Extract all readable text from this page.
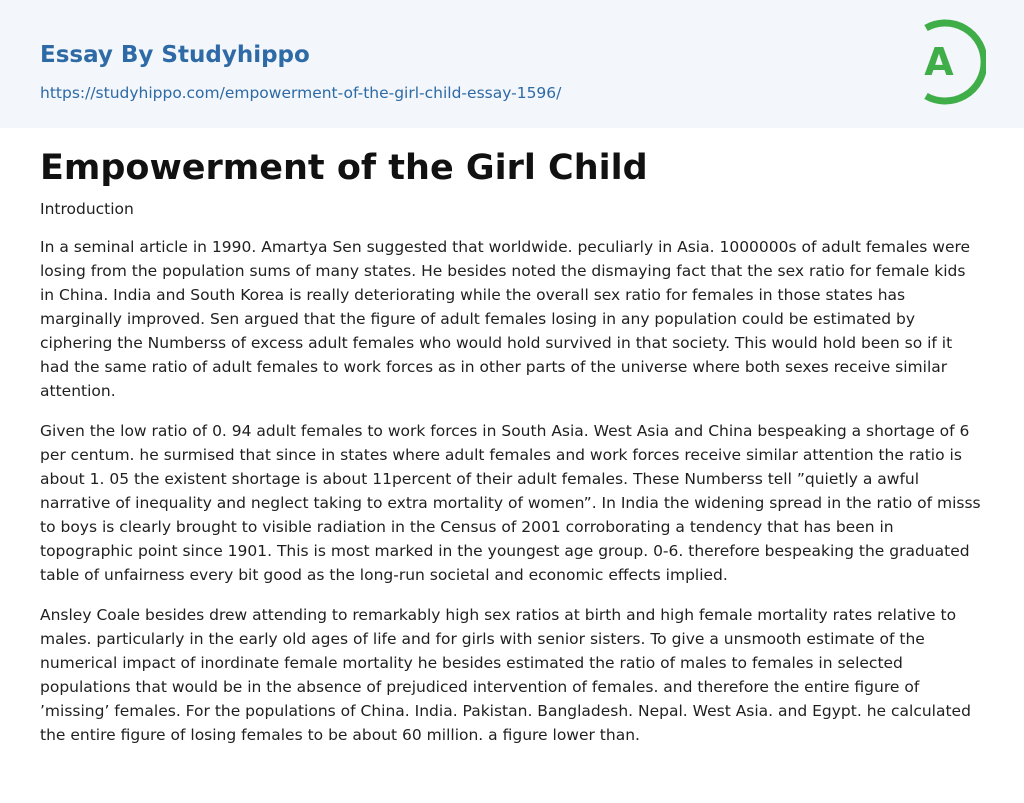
Essay By Studyhippo
https://studyhippo.com/empowerment-of-the-girl-child-essay-1596/
A
Empowerment of the Girl Child

Introduction

In a seminal article in 1990. Amartya Sen suggested that worldwide. peculiarly in Asia. 1000000s of adult females were losing from the population sums of many states. He besides noted the dismaying fact that the sex ratio for female kids in China. India and South Korea is really deteriorating while the overall sex ratio for females in those states has marginally improved. Sen argued that the figure of adult females losing in any population could be estimated by ciphering the Numberss of excess adult females who would hold survived in that society. This would hold been so if it had the same ratio of adult females to work forces as in other parts of the universe where both sexes receive similar attention.

Given the low ratio of 0. 94 adult females to work forces in South Asia. West Asia and China bespeaking a shortage of 6 per centum. he surmised that since in states where adult females and work forces receive similar attention the ratio is about 1. 05 the existent shortage is about 11percent of their adult females. These Numberss tell ”quietly a awful narrative of inequality and neglect taking to extra mortality of women”. In India the widening spread in the ratio of misss to boys is clearly brought to visible radiation in the Census of 2001 corroborating a tendency that has been in topographic point since 1901. This is most marked in the youngest age group. 0-6. therefore bespeaking the graduated table of unfairness every bit good as the long-run societal and economic effects implied.

Ansley Coale besides drew attending to remarkably high sex ratios at birth and high female mortality rates relative to males. particularly in the early old ages of life and for girls with senior sisters. To give a unsmooth estimate of the numerical impact of inordinate female mortality he besides estimated the ratio of males to females in selected populations that would be in the absence of prejudiced intervention of females. and therefore the entire figure of ’missing’ females. For the populations of China. India. Pakistan. Bangladesh. Nepal. West Asia. and Egypt. he calculated the entire figure of losing females to be about 60 million. a figure lower than.
